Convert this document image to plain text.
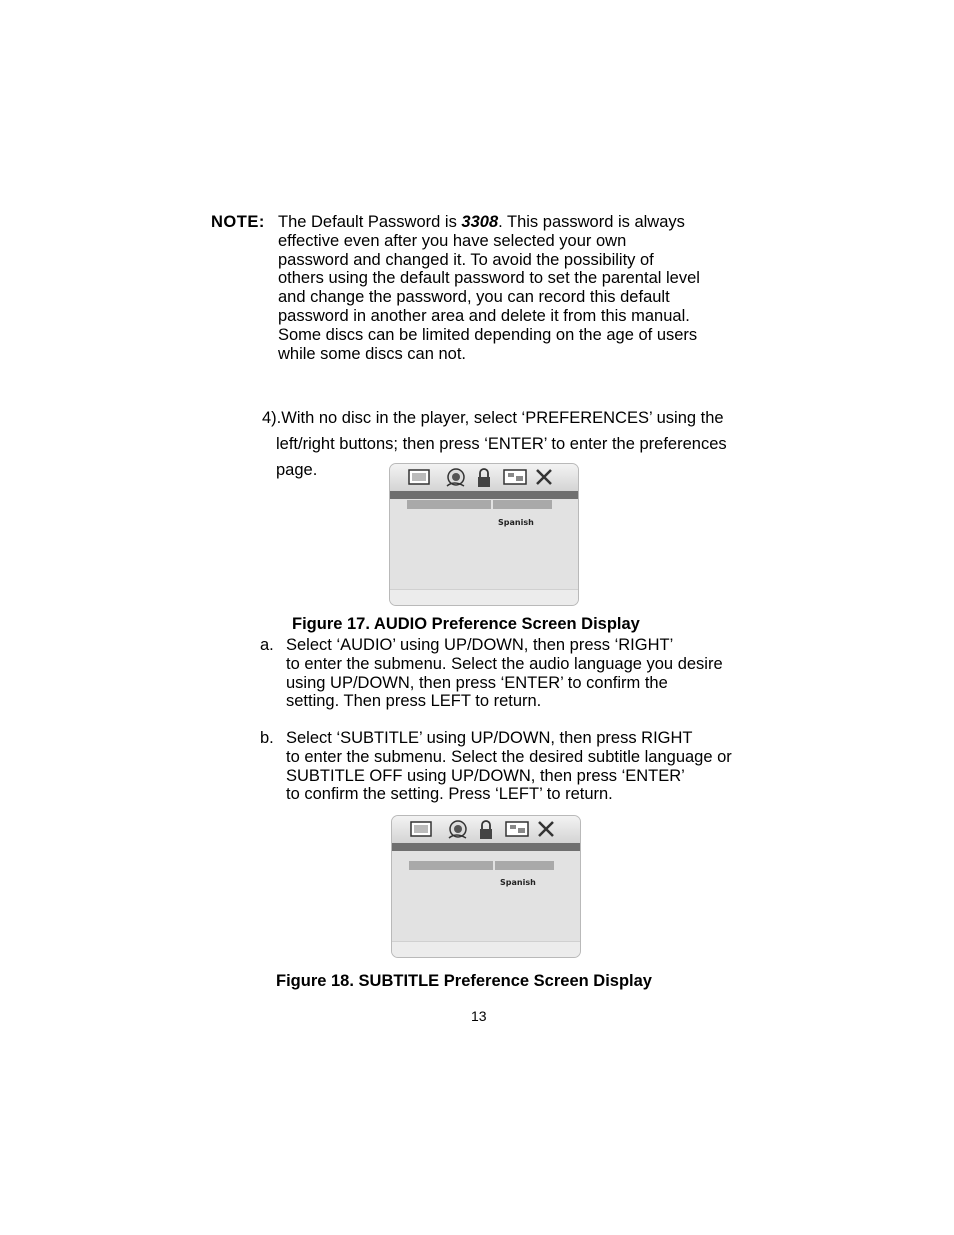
NOTE: The Default Password is 3308. This password is always
effective even after you have selected your own
password and changed it. To avoid the possibility of
others using the default password to set the parental level
and change the password, you can record this default
password in another area and delete it from this manual.
Some discs can be limited depending on the age of users
while some discs can not.
4).With no disc in the player, select ‘PREFERENCES’ using the
left/right buttons; then press ‘ENTER’ to enter the preferences
page.
Spanish
Figure 17. AUDIO Preference Screen Display
a. Select ‘AUDIO’ using UP/DOWN, then press ‘RIGHT’
to enter the submenu. Select the audio language you desire
using UP/DOWN, then press ‘ENTER’ to confirm the
setting. Then press LEFT to return.
b. Select ‘SUBTITLE’ using UP/DOWN, then press RIGHT
to enter the submenu. Select the desired subtitle language or
SUBTITLE OFF using UP/DOWN, then press ‘ENTER’
to confirm the setting. Press ‘LEFT’ to return.
Spanish
Figure 18. SUBTITLE Preference Screen Display
13
